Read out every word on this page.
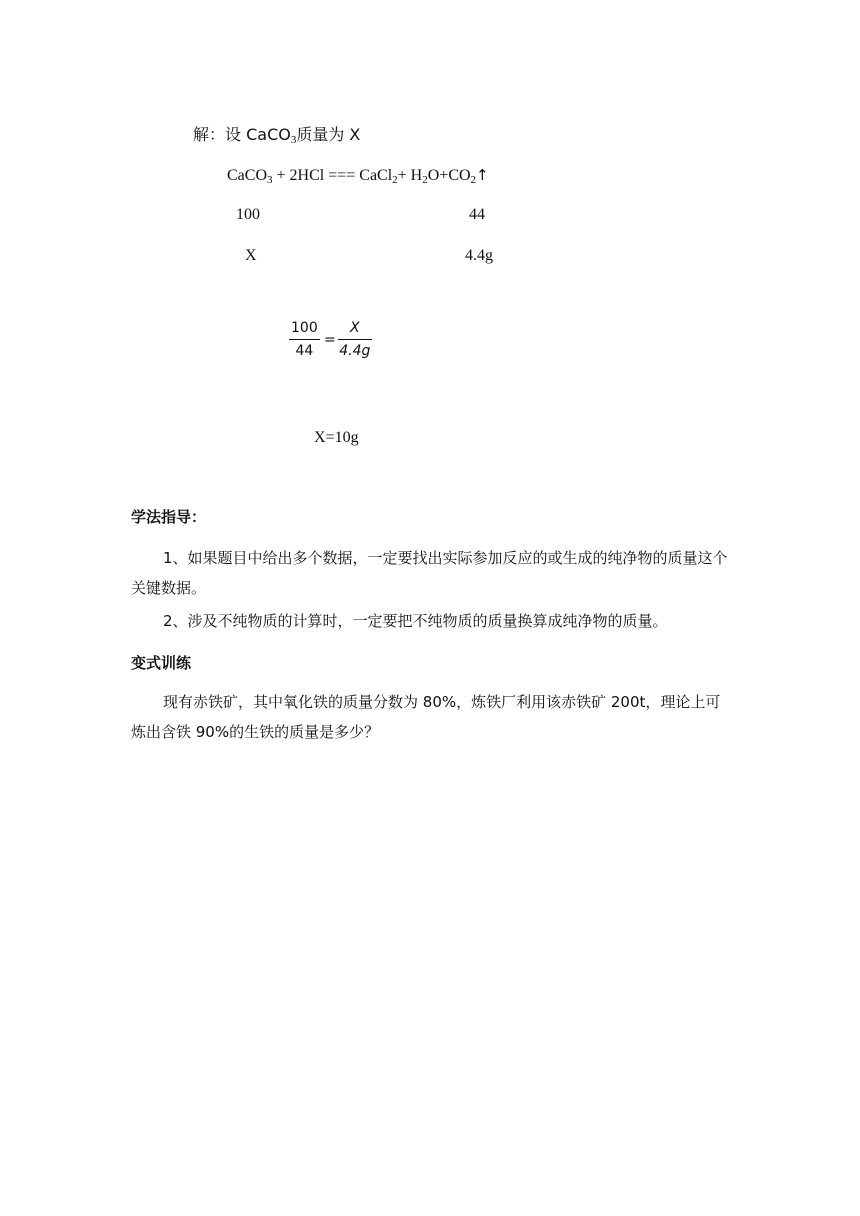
解：设 CaCO$_3$质量为 X
CaCO$_3$ + 2HCl === CaCl$_2$+ $H_2O+CO_2↑$
100	44
X	4.4g
$\frac{100}{44} = \frac{X}{4.4g}$
X=10g
学法指导：
1、如果题目中给出多个数据，一定要找出实际参加反应的或生成的纯净物的质量这个关键数据。
2、涉及不纯物质的计算时，一定要把不纯物质的质量换算成纯净物的质量。
变式训练
现有赤铁矿，其中氧化铁的质量分数为 80%，炼铁厂利用该赤铁矿 200t，理论上可炼出含铁 90%的生铁的质量是多少？
